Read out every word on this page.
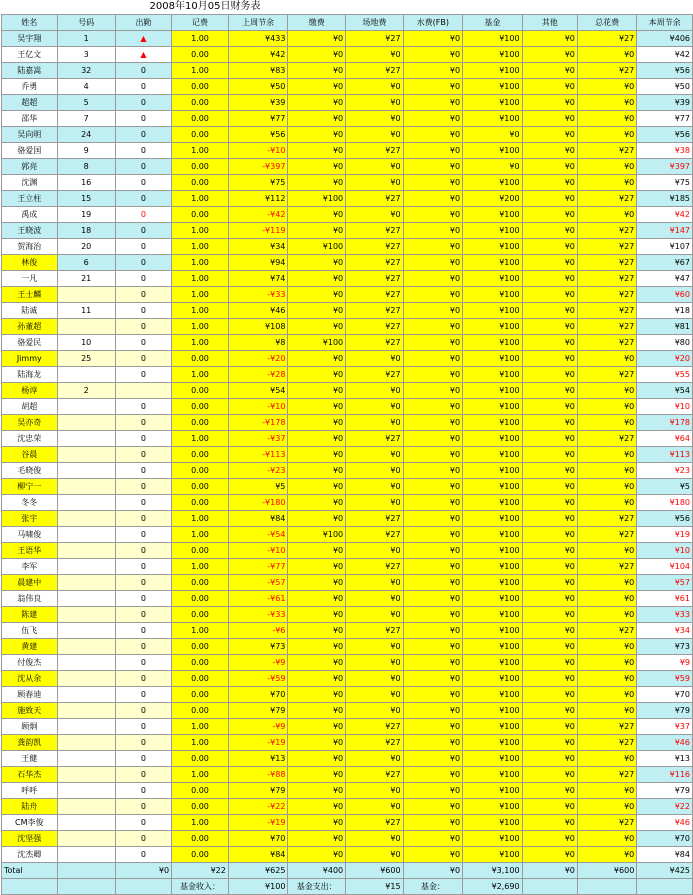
2008年10月05日财务表
姓名	号码	出勤	记费	上周节余	缴费	场地费	水费(FB)	基金	其他	总花费	本周节余
吴宇翔	1	▲	1.00	¥433	¥0	¥27	¥0	¥100	¥0	¥27	¥406
王亿文	3	▲	0.00	¥42	¥0	¥0	¥0	¥100	¥0	¥0	¥42
陆嘉嵩	32	0	1.00	¥83	¥0	¥27	¥0	¥100	¥0	¥27	¥56
乔勇	4	0	0.00	¥50	¥0	¥0	¥0	¥100	¥0	¥0	¥50
超超	5	0	0.00	¥39	¥0	¥0	¥0	¥100	¥0	¥0	¥39
邵华	7	0	0.00	¥77	¥0	¥0	¥0	¥100	¥0	¥0	¥77
吴向明	24	0	0.00	¥56	¥0	¥0	¥0	¥0	¥0	¥0	¥56
骆爱国	9	0	1.00	-¥10	¥0	¥27	¥0	¥100	¥0	¥27	¥38
郭亮	8	0	0.00	-¥397	¥0	¥0	¥0	¥0	¥0	¥0	¥397
沈渊	16	0	0.00	¥75	¥0	¥0	¥0	¥100	¥0	¥0	¥75
王立柱	15	0	1.00	¥112	¥100	¥27	¥0	¥200	¥0	¥27	¥185
禹成	19	0	0.00	-¥42	¥0	¥0	¥0	¥100	¥0	¥0	¥42
王晓波	18	0	1.00	-¥119	¥0	¥27	¥0	¥100	¥0	¥27	¥147
贺海治	20	0	1.00	¥34	¥100	¥27	¥0	¥100	¥0	¥27	¥107
林俊	6	0	1.00	¥94	¥0	¥27	¥0	¥100	¥0	¥27	¥67
一凡	21	0	1.00	¥74	¥0	¥27	¥0	¥100	¥0	¥27	¥47
王士麟		0	1.00	-¥33	¥0	¥27	¥0	¥100	¥0	¥27	¥60
陆诚	11	0	1.00	¥46	¥0	¥27	¥0	¥100	¥0	¥27	¥18
孙董超		0	1.00	¥108	¥0	¥27	¥0	¥100	¥0	¥27	¥81
骆爱民	10	0	1.00	¥8	¥100	¥27	¥0	¥100	¥0	¥27	¥80
Jimmy	25	0	0.00	-¥20	¥0	¥0	¥0	¥100	¥0	¥0	¥20
陆海龙		0	1.00	-¥28	¥0	¥27	¥0	¥100	¥0	¥27	¥55
杨谆	2		0.00	¥54	¥0	¥0	¥0	¥100	¥0	¥0	¥54
胡超		0	0.00	-¥10	¥0	¥0	¥0	¥100	¥0	¥0	¥10
吴亦奇		0	0.00	-¥178	¥0	¥0	¥0	¥100	¥0	¥0	¥178
沈忠荣		0	1.00	-¥37	¥0	¥27	¥0	¥100	¥0	¥27	¥64
谷晨		0	0.00	-¥113	¥0	¥0	¥0	¥100	¥0	¥0	¥113
毛晓俊		0	0.00	-¥23	¥0	¥0	¥0	¥100	¥0	¥0	¥23
柳宁一		0	0.00	¥5	¥0	¥0	¥0	¥100	¥0	¥0	¥5
冬冬		0	0.00	-¥180	¥0	¥0	¥0	¥100	¥0	¥0	¥180
张宇		0	1.00	¥84	¥0	¥27	¥0	¥100	¥0	¥27	¥56
马啸俊		0	1.00	-¥54	¥100	¥27	¥0	¥100	¥0	¥27	¥19
王语华		0	0.00	-¥10	¥0	¥0	¥0	¥100	¥0	¥0	¥10
李军		0	1.00	-¥77	¥0	¥27	¥0	¥100	¥0	¥27	¥104
晨建中		0	0.00	-¥57	¥0	¥0	¥0	¥100	¥0	¥0	¥57
翁伟良		0	0.00	-¥61	¥0	¥0	¥0	¥100	¥0	¥0	¥61
陈建		0	0.00	-¥33	¥0	¥0	¥0	¥100	¥0	¥0	¥33
伍飞		0	1.00	-¥6	¥0	¥27	¥0	¥100	¥0	¥27	¥34
黄建		0	0.00	¥73	¥0	¥0	¥0	¥100	¥0	¥0	¥73
付俊杰		0	0.00	-¥9	¥0	¥0	¥0	¥100	¥0	¥0	¥9
沈从余		0	0.00	-¥59	¥0	¥0	¥0	¥100	¥0	¥0	¥59
顾春迪		0	0.00	¥70	¥0	¥0	¥0	¥100	¥0	¥0	¥70
施致天		0	0.00	¥79	¥0	¥0	¥0	¥100	¥0	¥0	¥79
顾炯		0	1.00	-¥9	¥0	¥27	¥0	¥100	¥0	¥27	¥37
龚韵凯		0	1.00	-¥19	¥0	¥27	¥0	¥100	¥0	¥27	¥46
王健		0	0.00	¥13	¥0	¥0	¥0	¥100	¥0	¥0	¥13
石华杰		0	1.00	-¥88	¥0	¥27	¥0	¥100	¥0	¥27	¥116
呼呼		0	0.00	¥79	¥0	¥0	¥0	¥100	¥0	¥0	¥79
陆舟		0	0.00	-¥22	¥0	¥0	¥0	¥100	¥0	¥0	¥22
CM李俊		0	1.00	-¥19	¥0	¥27	¥0	¥100	¥0	¥27	¥46
沈坚强		0	0.00	¥70	¥0	¥0	¥0	¥100	¥0	¥0	¥70
沈杰卿		0	0.00	¥84	¥0	¥0	¥0	¥100	¥0	¥0	¥84
Total		¥0	¥22	¥625	¥400	¥600	¥0	¥3,100	¥0	¥600	¥425
			基金收入：	¥100	基金支出：	¥15	基金：	¥2,690			
